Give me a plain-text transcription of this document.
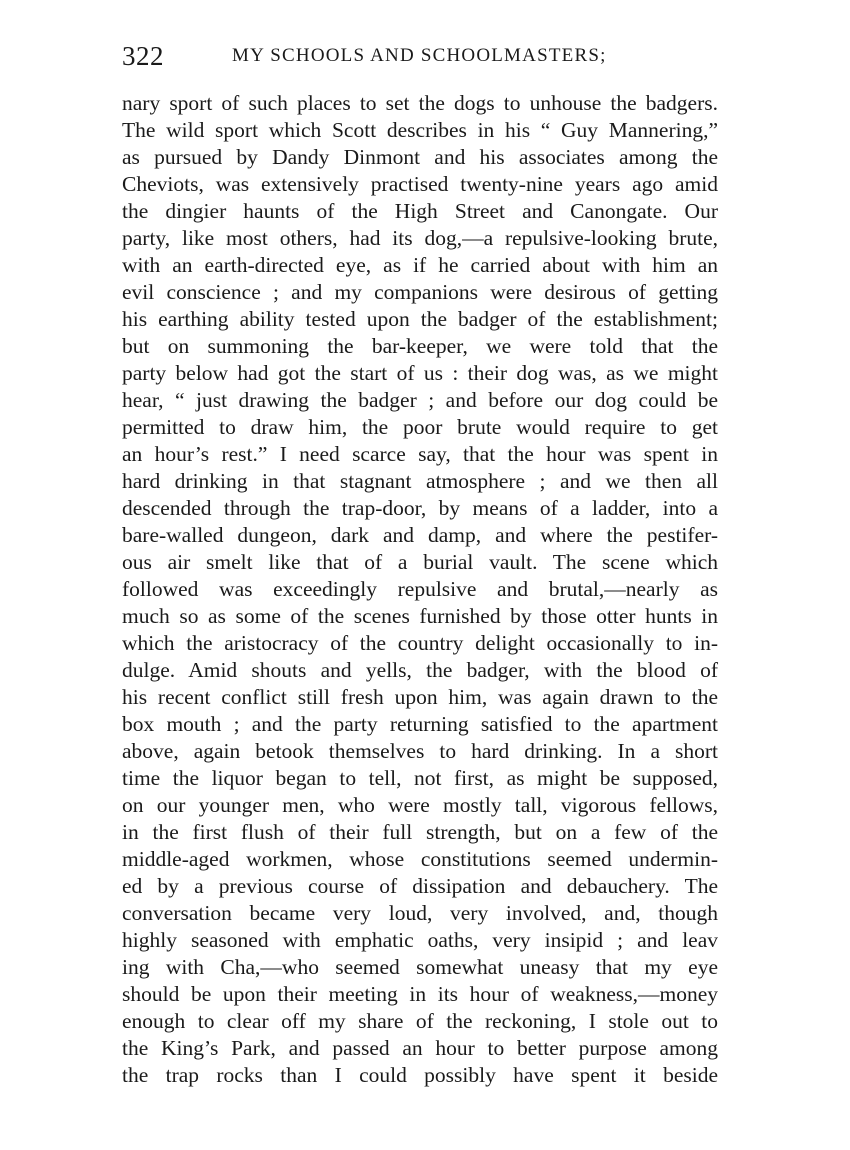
322	MY SCHOOLS AND SCHOOLMASTERS;
nary sport of such places to set the dogs to unhouse the badgers.
The wild sport which Scott describes in his “ Guy Mannering,”
as pursued by Dandy Dinmont and his associates among the
Cheviots, was extensively practised twenty-nine years ago amid
the dingier haunts of the High Street and Canongate. Our
party, like most others, had its dog,—a repulsive-looking brute,
with an earth-directed eye, as if he carried about with him an
evil conscience ; and my companions were desirous of getting
his earthing ability tested upon the badger of the establishment;
but on summoning the bar-keeper, we were told that the
party below had got the start of us : their dog was, as we might
hear, “ just drawing the badger ; and before our dog could be
permitted to draw him, the poor brute would require to get
an hour’s rest.” I need scarce say, that the hour was spent in
hard drinking in that stagnant atmosphere ; and we then all
descended through the trap-door, by means of a ladder, into a
bare-walled dungeon, dark and damp, and where the pestifer-
ous air smelt like that of a burial vault. The scene which
followed was exceedingly repulsive and brutal,—nearly as
much so as some of the scenes furnished by those otter hunts in
which the aristocracy of the country delight occasionally to in-
dulge. Amid shouts and yells, the badger, with the blood of
his recent conflict still fresh upon him, was again drawn to the
box mouth ; and the party returning satisfied to the apartment
above, again betook themselves to hard drinking. In a short
time the liquor began to tell, not first, as might be supposed,
on our younger men, who were mostly tall, vigorous fellows,
in the first flush of their full strength, but on a few of the
middle-aged workmen, whose constitutions seemed undermin-
ed by a previous course of dissipation and debauchery. The
conversation became very loud, very involved, and, though
highly seasoned with emphatic oaths, very insipid ; and leav
ing with Cha,—who seemed somewhat uneasy that my eye
should be upon their meeting in its hour of weakness,—money
enough to clear off my share of the reckoning, I stole out to
the King’s Park, and passed an hour to better purpose among
the trap rocks than I could possibly have spent it beside
